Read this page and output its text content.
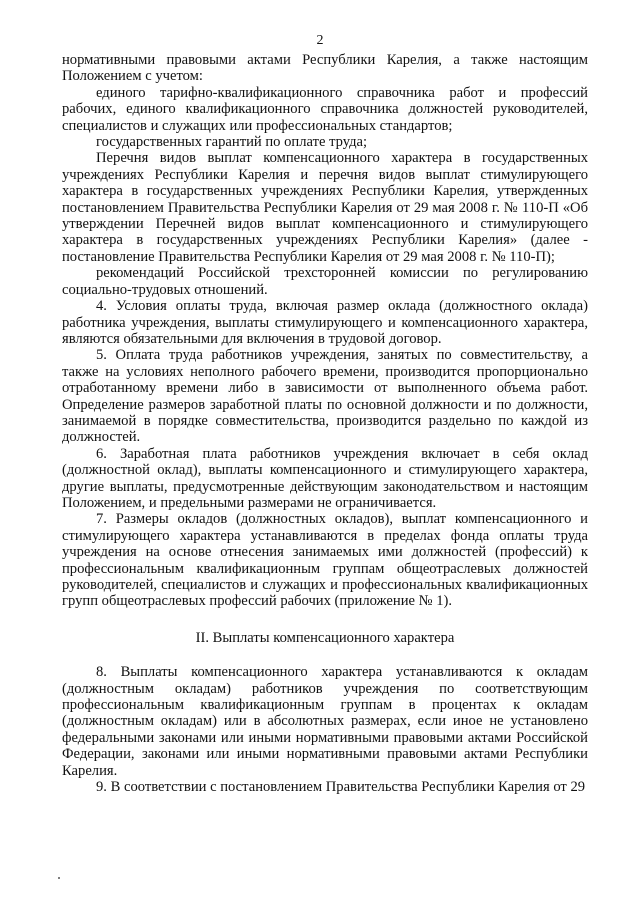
2

нормативными правовыми актами Республики Карелия, а также настоящим Положением с учетом:

единого тарифно-квалификационного справочника работ и профессий рабочих, единого квалификационного справочника должностей руководителей, специалистов и служащих или профессиональных стандартов;

государственных гарантий по оплате труда;

Перечня видов выплат компенсационного характера в государственных учреждениях Республики Карелия и перечня видов выплат стимулирующего характера в государственных учреждениях Республики Карелия, утвержденных постановлением Правительства Республики Карелия от 29 мая 2008 г. № 110-П «Об утверждении Перечней видов выплат компенсационного и стимулирующего характера в государственных учреждениях Республики Карелия» (далее - постановление Правительства Республики Карелия от 29 мая 2008 г. № 110-П);

рекомендаций Российской трехсторонней комиссии по регулированию социально-трудовых отношений.

4. Условия оплаты труда, включая размер оклада (должностного оклада) работника учреждения, выплаты стимулирующего и компенсационного характера, являются обязательными для включения в трудовой договор.

5. Оплата труда работников учреждения, занятых по совместительству, а также на условиях неполного рабочего времени, производится пропорционально отработанному времени либо в зависимости от выполненного объема работ. Определение размеров заработной платы по основной должности и по должности, занимаемой в порядке совместительства, производится раздельно по каждой из должностей.

6. Заработная плата работников учреждения включает в себя оклад (должностной оклад), выплаты компенсационного и стимулирующего характера, другие выплаты, предусмотренные действующим законодательством и настоящим Положением, и предельными размерами не ограничивается.

7. Размеры окладов (должностных окладов), выплат компенсационного и стимулирующего характера устанавливаются в пределах фонда оплаты труда учреждения на основе отнесения занимаемых ими должностей (профессий) к профессиональным квалификационным группам общеотраслевых должностей руководителей, специалистов и служащих и профессиональных квалификационных групп общеотраслевых профессий рабочих (приложение № 1).

II. Выплаты компенсационного характера

8. Выплаты компенсационного характера устанавливаются к окладам (должностным окладам) работников учреждения по соответствующим профессиональным квалификационным группам в процентах к окладам (должностным окладам) или в абсолютных размерах, если иное не установлено федеральными законами или иными нормативными правовыми актами Российской Федерации, законами или иными нормативными правовыми актами Республики Карелия.

9. В соответствии с постановлением Правительства Республики Карелия от 29
